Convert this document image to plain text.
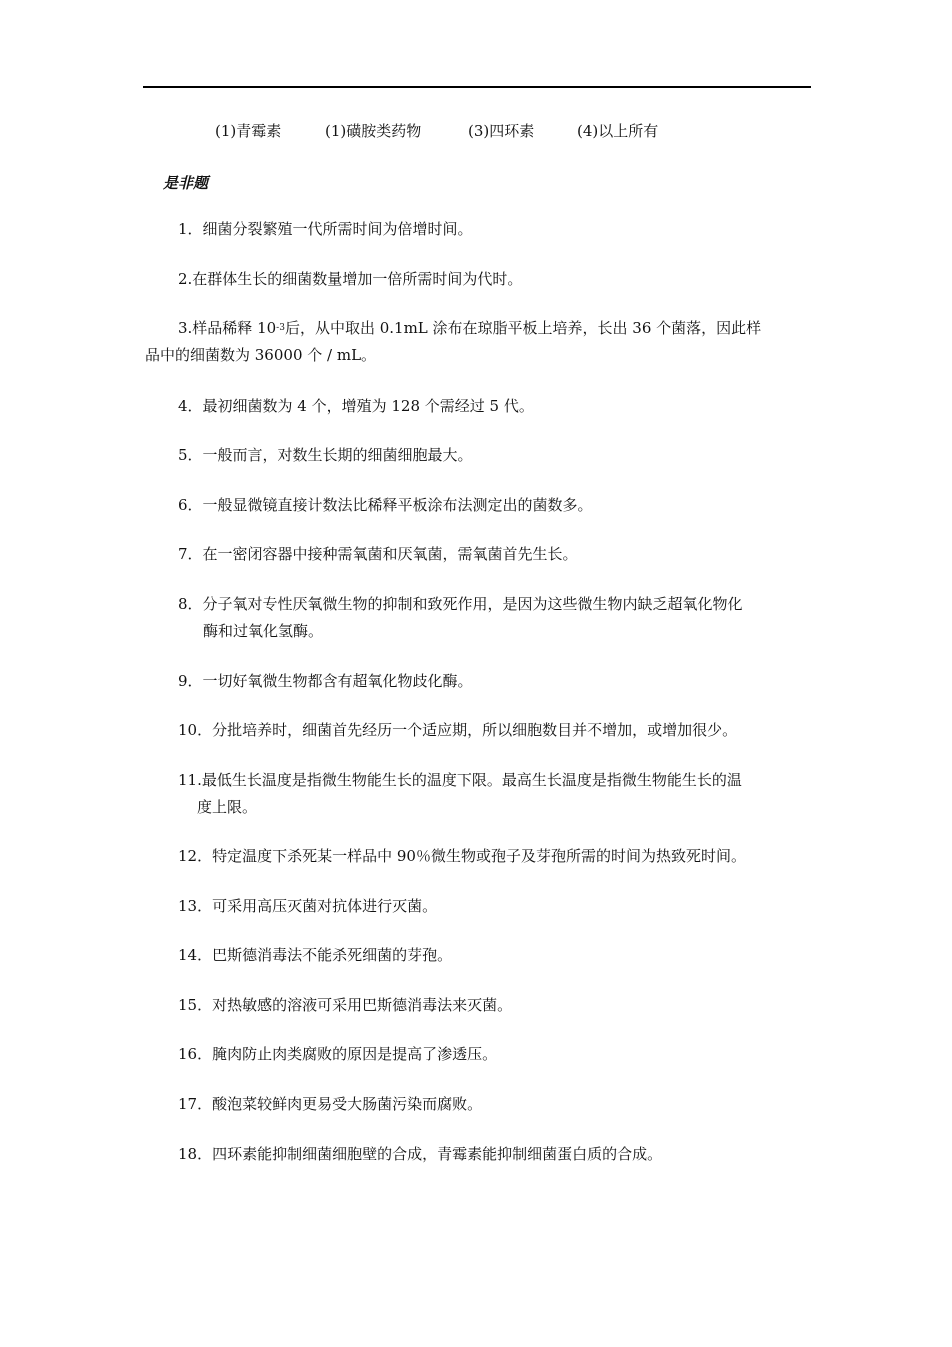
(1)青霉素	(1)磺胺类药物	(3)四环素	(4)以上所有
是非题
1．细菌分裂繁殖一代所需时间为倍增时间。
2.在群体生长的细菌数量增加一倍所需时间为代时。
3.样品稀释 $10^{-3}$后，从中取出 0.1mL 涂布在琼脂平板上培养，长出 36 个菌落，因此样
品中的细菌数为 36000 个 / mL。
4．最初细菌数为 4 个，增殖为 128 个需经过 5 代。
5．一般而言，对数生长期的细菌细胞最大。
6．一般显微镜直接计数法比稀释平板涂布法测定出的菌数多。
7．在一密闭容器中接种需氧菌和厌氧菌，需氧菌首先生长。
8．分子氧对专性厌氧微生物的抑制和致死作用，是因为这些微生物内缺乏超氧化物化
酶和过氧化氢酶。
9．一切好氧微生物都含有超氧化物歧化酶。
10．分批培养时，细菌首先经历一个适应期，所以细胞数目并不增加，或增加很少。
11.最低生长温度是指微生物能生长的温度下限。最高生长温度是指微生物能生长的温
度上限。
12．特定温度下杀死某一样品中 90％微生物或孢子及芽孢所需的时间为热致死时间。
13．可采用高压灭菌对抗体进行灭菌。
14．巴斯德消毒法不能杀死细菌的芽孢。
15．对热敏感的溶液可采用巴斯德消毒法来灭菌。
16．腌肉防止肉类腐败的原因是提高了渗透压。
17．酸泡菜较鲜肉更易受大肠菌污染而腐败。
18．四环素能抑制细菌细胞壁的合成，青霉素能抑制细菌蛋白质的合成。
